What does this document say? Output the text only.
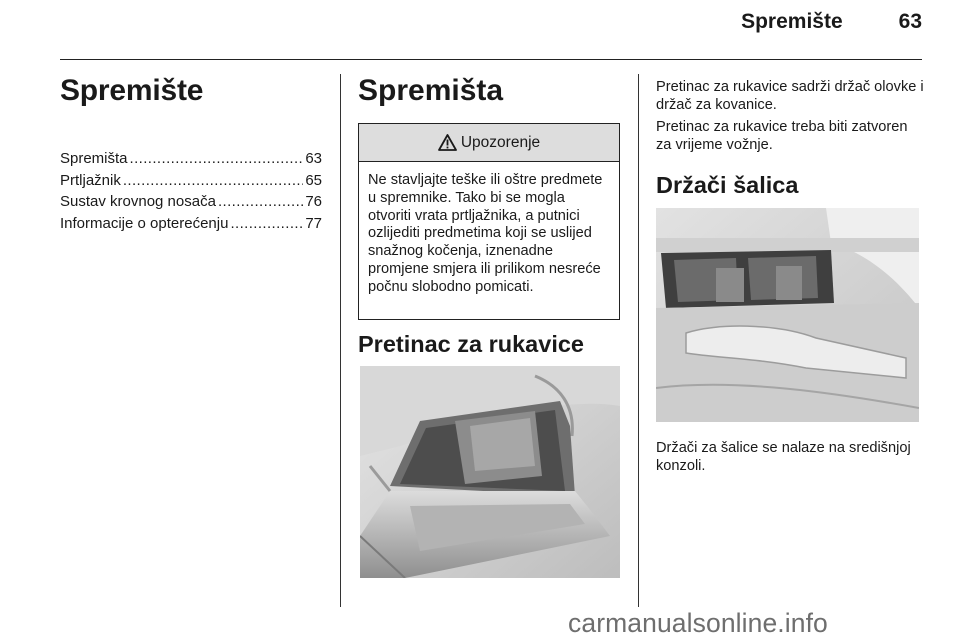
Spremište	63
Spremište
Spremišta .....	63
Prtljažnik .....	65
Sustav krovnog nosača .....	76
Informacije o opterećenju .....	77
Spremišta
Upozorenje
Ne stavljajte teške ili oštre predmete u spremnike. Tako bi se mogla otvoriti vrata prtljažnika, a putnici ozlijediti predmetima koji se uslijed snažnog kočenja, iznenadne promjene smjera ili prilikom nesreće počnu slobodno pomicati.
Pretinac za rukavice
Pretinac za rukavice sadrži držač olovke i držač za kovanice.
Pretinac za rukavice treba biti zatvoren za vrijeme vožnje.
Držači šalica
Držači za šalice se nalaze na središnjoj konzoli.
carmanualsonline.info
